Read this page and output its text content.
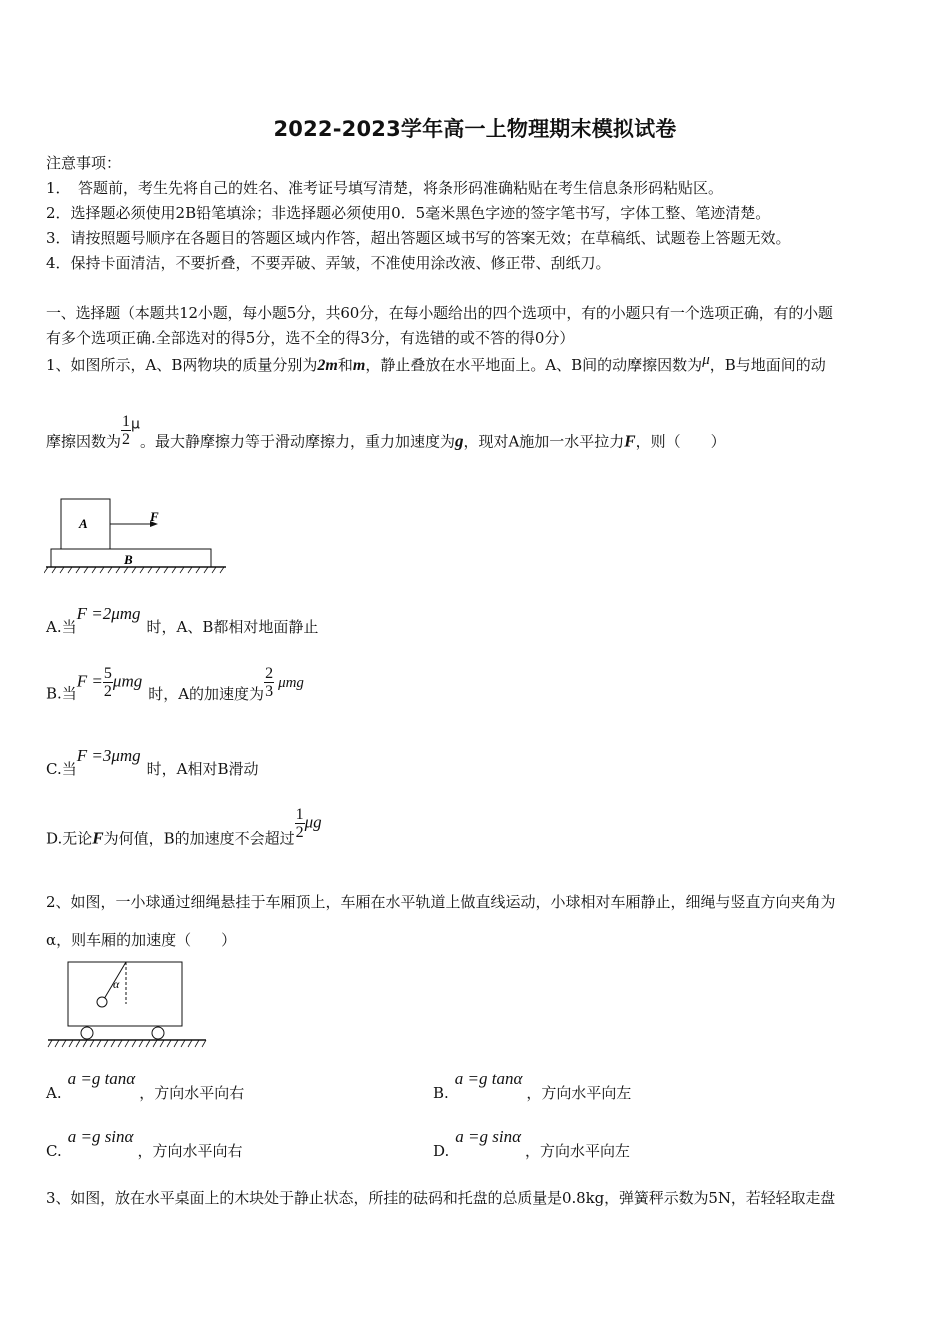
2022-2023学年高一上物理期末模拟试卷
注意事项：
1．　答题前，考生先将自己的姓名、准考证号填写清楚，将条形码准确粘贴在考生信息条形码粘贴区。
2．选择题必须使用2B铅笔填涂；非选择题必须使用0．5毫米黑色字迹的签字笔书写，字体工整、笔迹清楚。
3．请按照题号顺序在各题目的答题区域内作答，超出答题区域书写的答案无效；在草稿纸、试题卷上答题无效。
4．保持卡面清洁，不要折叠，不要弄破、弄皱，不准使用涂改液、修正带、刮纸刀。
一、选择题（本题共12小题，每小题5分，共60分，在每小题给出的四个选项中，有的小题只有一个选项正确，有的小题
有多个选项正确.全部选对的得5分，选不全的得3分，有选错的或不答的得0分）
1、如图所示，A、B两物块的质量分别为2m和m，静止叠放在水平地面上。A、B间的动摩擦因数为$^\mu$，B与地面间的动
摩擦因数为 $\frac{1}{2}$ μ。最大静摩擦力等于滑动摩擦力，重力加速度为g，现对A施加一水平拉力F，则（　　）
A
B
F
A.当F =2μmg时，A、B都相对地面静止
B.当$F = \frac{5}{2}$ μmg时，A的加速度为 $\frac{2}{3}$ μmg
C.当F =3μmg时，A相对B滑动
D.无论F为何值，B的加速度不会超过 $\frac{1}{2}$ μg
2、如图，一小球通过细绳悬挂于车厢顶上，车厢在水平轨道上做直线运动，小球相对车厢静止，细绳与竖直方向夹角为
α，则车厢的加速度（　　）
α
A.a =g tanα，方向水平向右	B.a =g tanα，方向水平向左
C.a =g sinα，方向水平向右	D.a =g sinα，方向水平向左
3、如图，放在水平桌面上的木块处于静止状态，所挂的砝码和托盘的总质量是0.8kg，弹簧秤示数为5N，若轻轻取走盘
